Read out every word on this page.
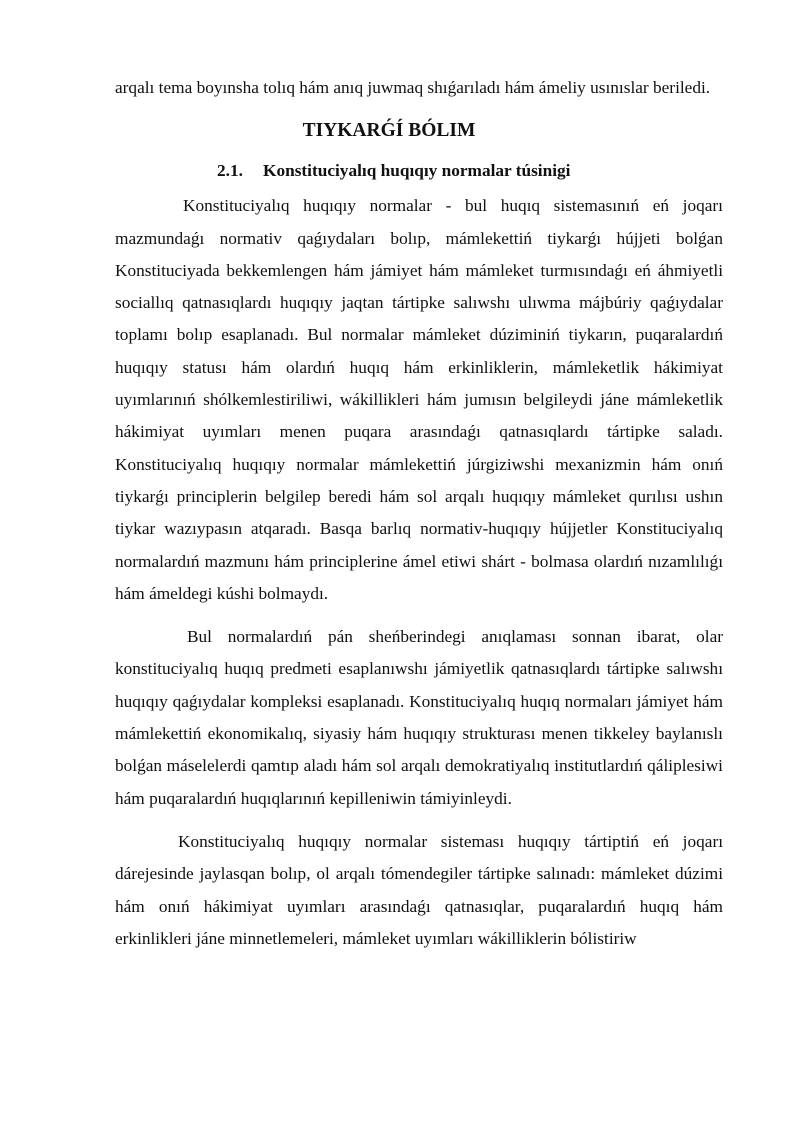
arqalı tema boyınsha tolıq hám anıq juwmaq shıǵarıladı hám ámeliy usınıslar beriledi.

TIYKARǴÍ BÓLIM
2.1. Konstituciyalıq huqıqıy normalar túsinigi

Konstituciyalıq huqıqıy normalar - bul huqıq sistemasınıń eń joqarı mazmundaǵı normativ qaǵıydaları bolıp, mámlekettiń tiykarǵı hújjeti bolǵan Konstituciyada bekkemlengen hám jámiyet hám mámleket turmısındaǵı eń áhmiyetli sociallıq qatnasıqlardı huqıqıy jaqtan tártipke salıwshı ulıwma májbúriy qaǵıydalar toplamı bolıp esaplanadı. Bul normalar mámleket dúziminiń tiykarın, puqaralardıń huqıqıy statusı hám olardıń huqıq hám erkinliklerin, mámleketlik hákimiyat uyımlarınıń shólkemlestiriliwi, wákillikleri hám jumısın belgileydi jáne mámleketlik hákimiyat uyımları menen puqara arasındaǵı qatnasıqlardı tártipke saladı. Konstituciyalıq huqıqıy normalar mámlekettiń júrgiziwshi mexanizmin hám onıń tiykarǵı principlerin belgilep beredi hám sol arqalı huqıqıy mámleket qurılısı ushın tiykar wazıypasın atqaradı. Basqa barlıq normativ-huqıqıy hújjetler Konstituciyalıq normalardıń mazmunı hám principlerine ámel etiwi shárt - bolmasa olardıń nızamlılıǵı hám ámeldegi kúshi bolmaydı.

Bul normalardıń pán sheńberindegi anıqlaması sonnan ibarat, olar konstituciyalıq huqıq predmeti esaplanıwshı jámiyetlik qatnasıqlardı tártipke salıwshı huqıqıy qaǵıydalar kompleksi esaplanadı. Konstituciyalıq huqıq normaları jámiyet hám mámlekettiń ekonomikalıq, siyasiy hám huqıqıy strukturası menen tikkeley baylanıslı bolǵan máselelerdi qamtıp aladı hám sol arqalı demokratiyalıq institutlardıń qáliplesiwi hám puqaralardıń huqıqlarınıń kepilleniwin támiyinleydi.

Konstituciyalıq huqıqıy normalar sisteması huqıqıy tártiptiń eń joqarı dárejesinde jaylasqan bolıp, ol arqalı tómendegiler tártipke salınadı: mámleket dúzimi hám onıń hákimiyat uyımları arasındaǵı qatnasıqlar, puqaralardıń huqıq hám erkinlikleri jáne minnetlemeleri, mámleket uyımları wákilliklerin bólistiriw
